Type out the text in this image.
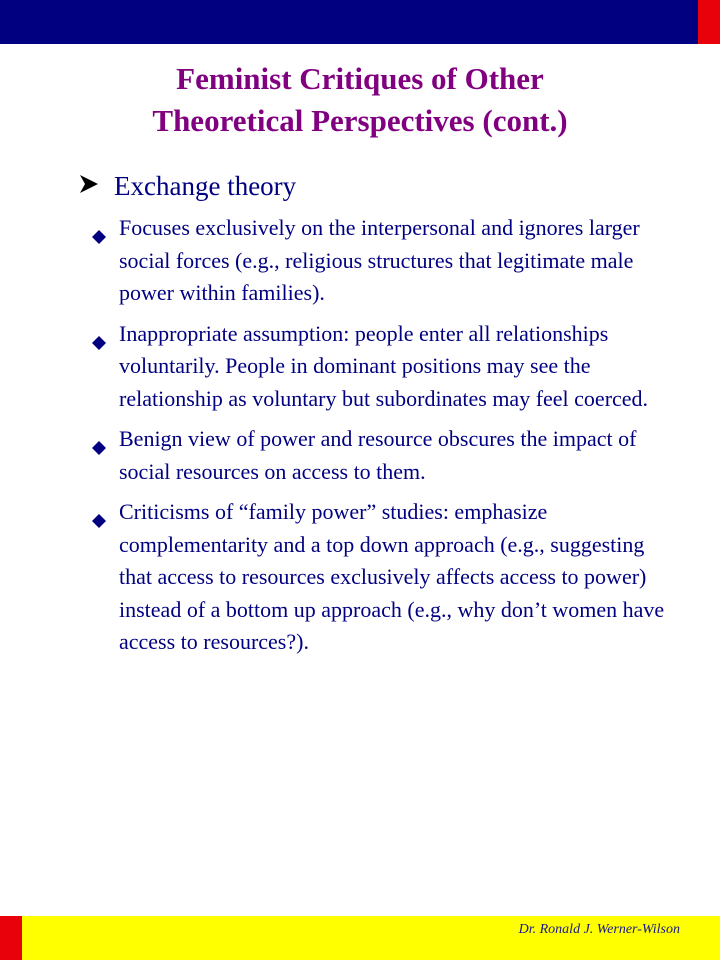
Feminist Critiques of Other
Theoretical Perspectives (cont.)
Exchange theory
Focuses exclusively on the interpersonal and ignores larger social forces (e.g., religious structures that legitimate male power within families).
Inappropriate assumption: people enter all relationships voluntarily. People in dominant positions may see the relationship as voluntary but subordinates may feel coerced.
Benign view of power and resource obscures the impact of social resources on access to them.
Criticisms of “family power” studies: emphasize complementarity and a top down approach (e.g., suggesting that access to resources exclusively affects access to power) instead of a bottom up approach (e.g., why don’t women have access to resources?).
Dr. Ronald J. Werner-Wilson
